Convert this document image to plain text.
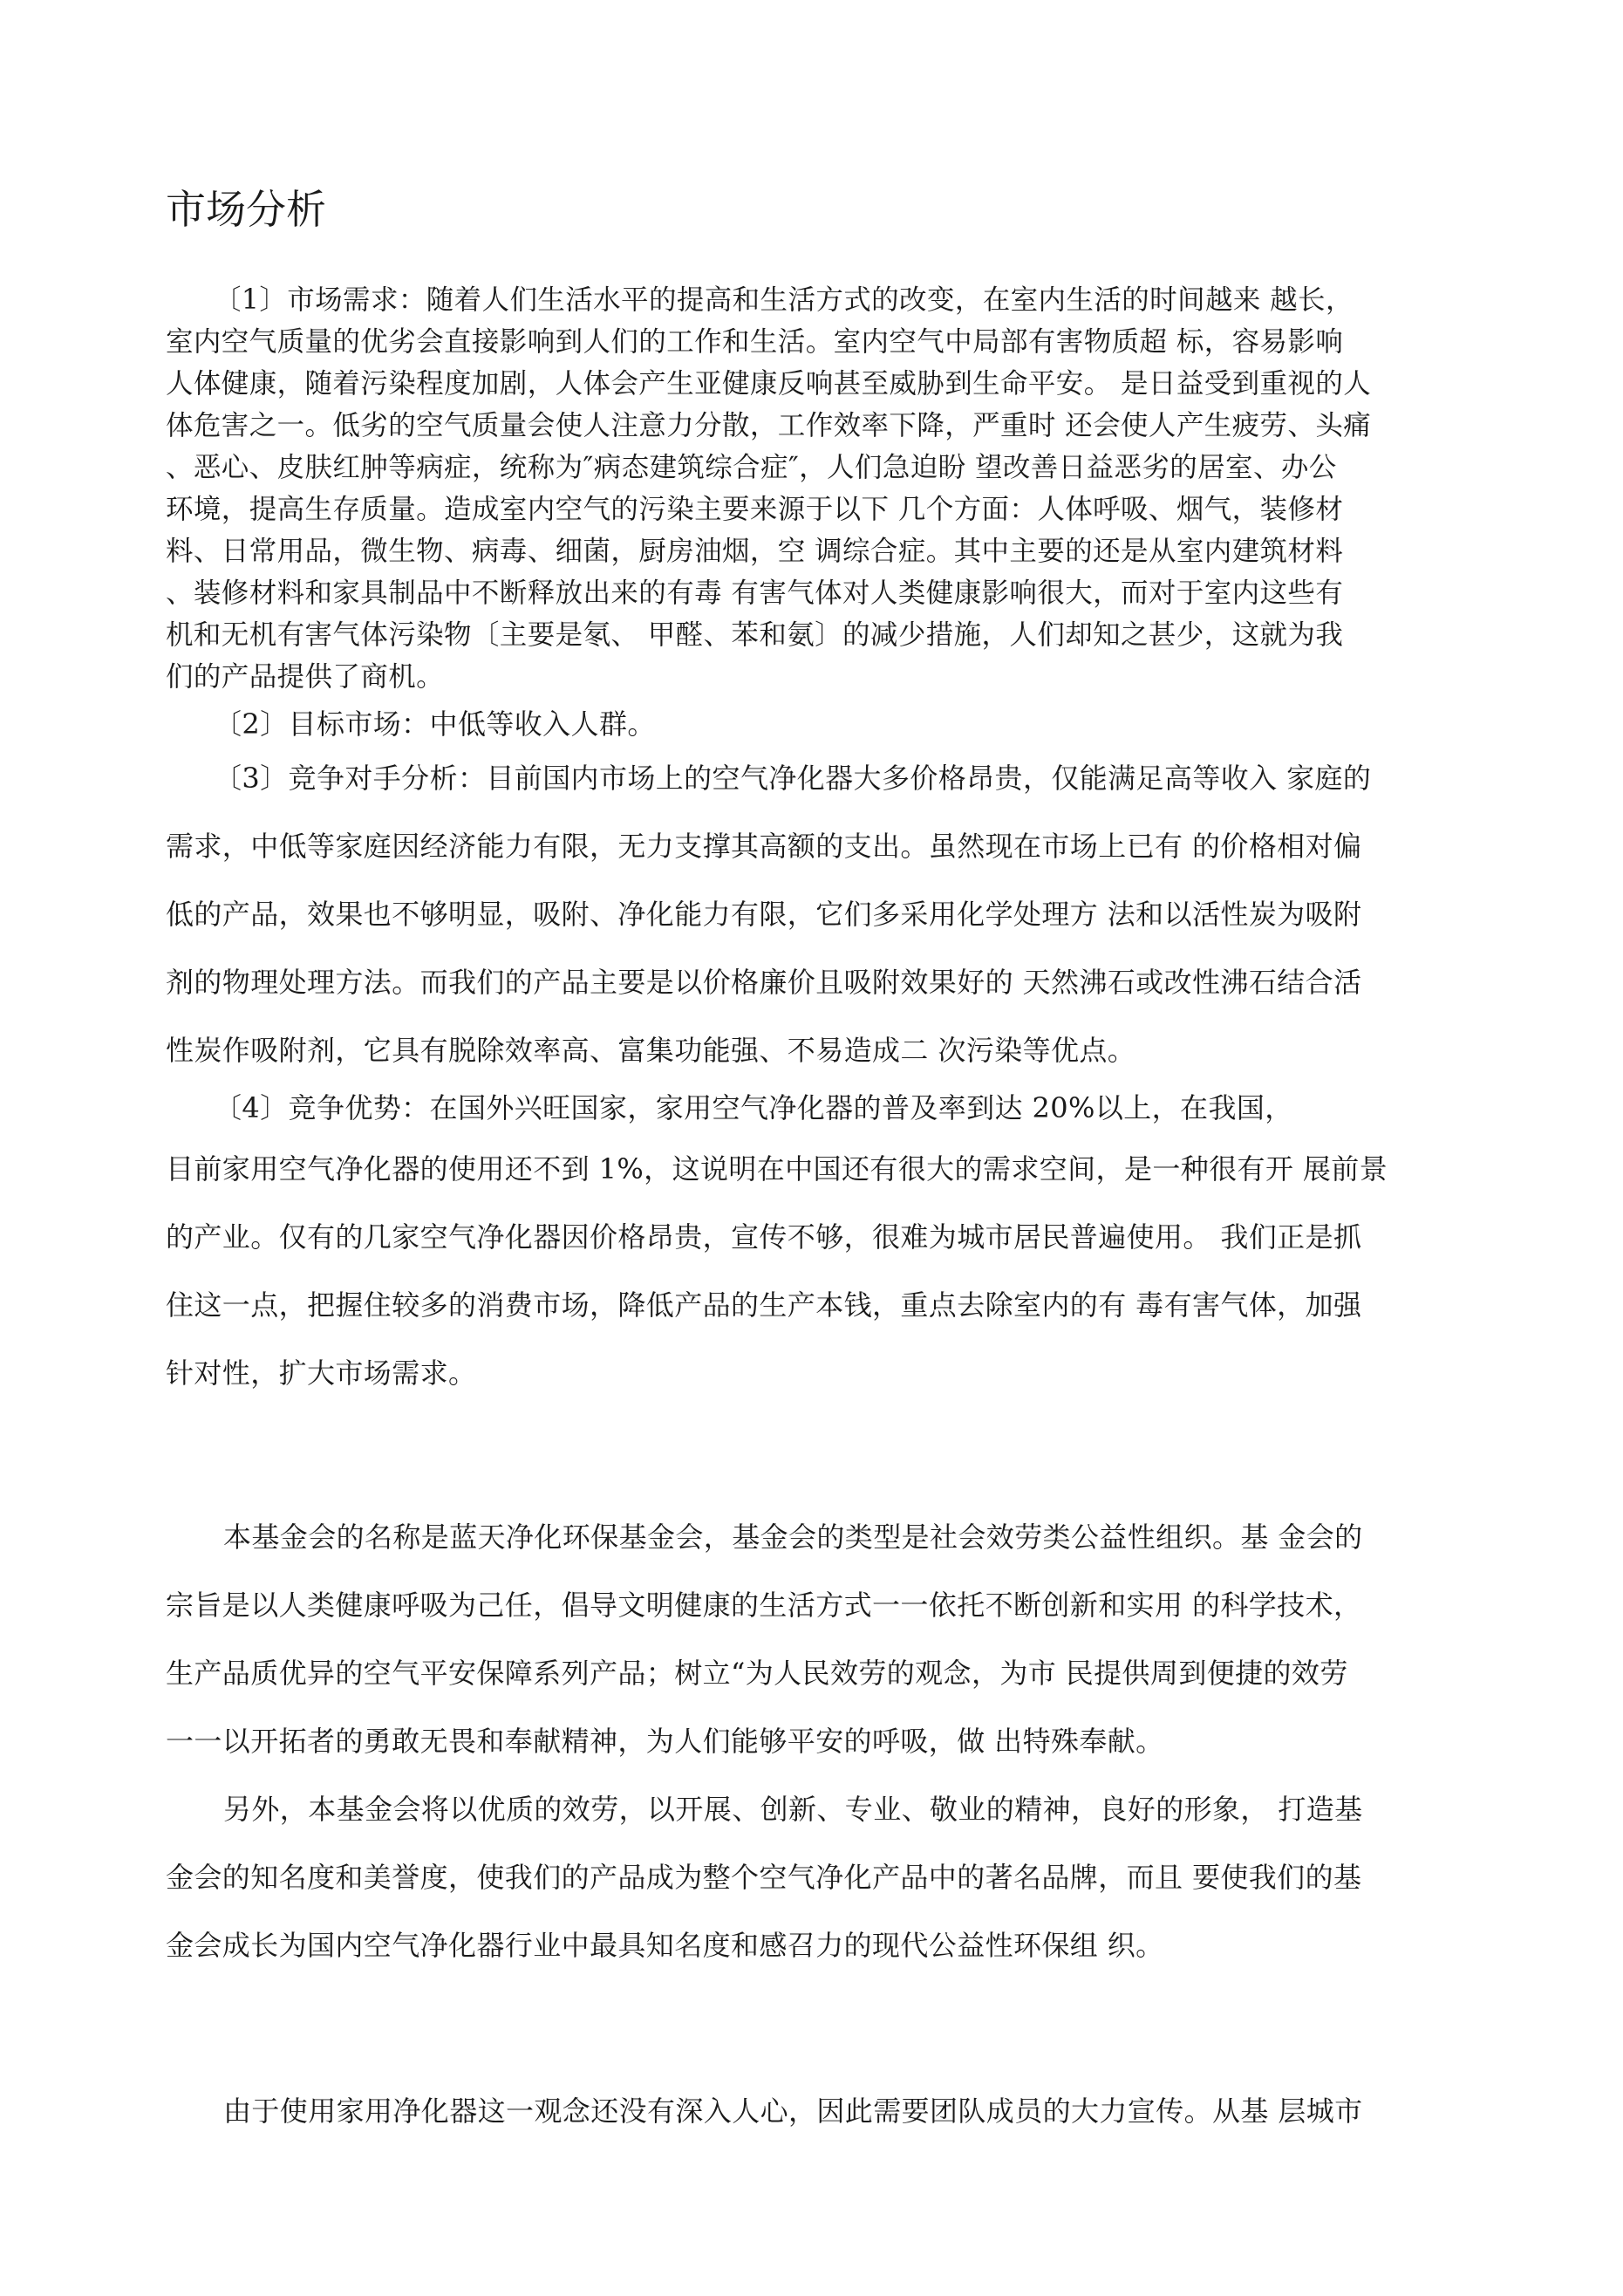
市场分析
〔1〕市场需求：随着人们生活水平的提高和生活方式的改变，在室内生活的时间越来 越长，
室内空气质量的优劣会直接影响到人们的工作和生活。室内空气中局部有害物质超 标，容易影响
人体健康，随着污染程度加剧，人体会产生亚健康反响甚至威胁到生命平安。 是日益受到重视的人
体危害之一。低劣的空气质量会使人注意力分散，工作效率下降，严重时 还会使人产生疲劳、头痛
、恶心、皮肤红肿等病症，统称为″病态建筑综合症″，人们急迫盼 望改善日益恶劣的居室、办公
环境，提高生存质量。造成室内空气的污染主要来源于以下 几个方面：人体呼吸、烟气，装修材
料、日常用品，微生物、病毒、细菌，厨房油烟，空 调综合症。其中主要的还是从室内建筑材料
、装修材料和家具制品中不断释放出来的有毒 有害气体对人类健康影响很大，而对于室内这些有
机和无机有害气体污染物〔主要是氡、 甲醛、苯和氨〕的减少措施，人们却知之甚少，这就为我
们的产品提供了商机。
〔2〕目标市场：中低等收入人群。
〔3〕竞争对手分析：目前国内市场上的空气净化器大多价格昂贵，仅能满足高等收入 家庭的
需求，中低等家庭因经济能力有限，无力支撑其高额的支出。虽然现在市场上已有 的价格相对偏
低的产品，效果也不够明显，吸附、净化能力有限，它们多采用化学处理方 法和以活性炭为吸附
剂的物理处理方法。而我们的产品主要是以价格廉价且吸附效果好的 天然沸石或改性沸石结合活
性炭作吸附剂，它具有脱除效率高、富集功能强、不易造成二 次污染等优点。
〔4〕竞争优势：在国外兴旺国家，家用空气净化器的普及率到达 20%以上，在我国，
目前家用空气净化器的使用还不到 1%，这说明在中国还有很大的需求空间，是一种很有开 展前景
的产业。仅有的几家空气净化器因价格昂贵，宣传不够，很难为城市居民普遍使用。 我们正是抓
住这一点，把握住较多的消费市场，降低产品的生产本钱，重点去除室内的有 毒有害气体，加强
针对性，扩大市场需求。
本基金会的名称是蓝天净化环保基金会，基金会的类型是社会效劳类公益性组织。基 金会的
宗旨是以人类健康呼吸为己任，倡导文明健康的生活方式一一依托不断创新和实用 的科学技术，
生产品质优异的空气平安保障系列产品；树立“为人民效劳的观念，为市 民提供周到便捷的效劳
一一以开拓者的勇敢无畏和奉献精神，为人们能够平安的呼吸，做 出特殊奉献。
另外，本基金会将以优质的效劳，以开展、创新、专业、敬业的精神，良好的形象， 打造基
金会的知名度和美誉度，使我们的产品成为整个空气净化产品中的著名品牌，而且 要使我们的基
金会成长为国内空气净化器行业中最具知名度和感召力的现代公益性环保组 织。
由于使用家用净化器这一观念还没有深入人心，因此需要团队成员的大力宣传。从基 层城市
